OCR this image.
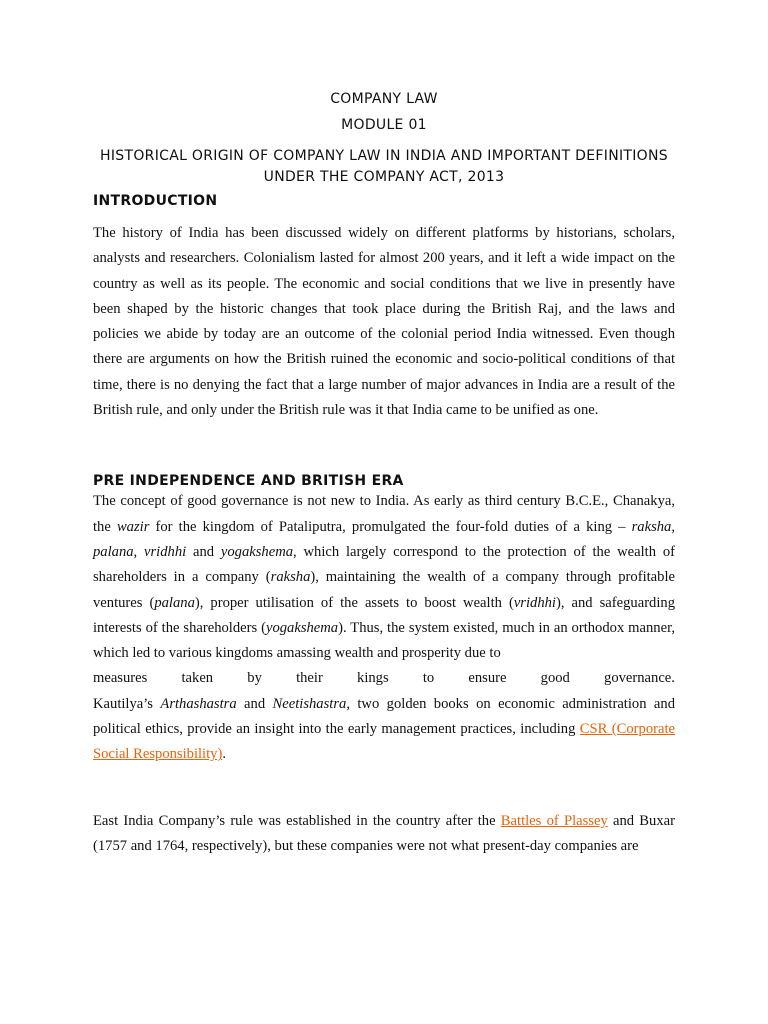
COMPANY LAW
MODULE 01
HISTORICAL ORIGIN OF COMPANY LAW IN INDIA AND IMPORTANT DEFINITIONS
UNDER THE COMPANY ACT, 2013
INTRODUCTION

The history of India has been discussed widely on different platforms by historians, scholars, analysts and researchers. Colonialism lasted for almost 200 years, and it left a wide impact on the country as well as its people. The economic and social conditions that we live in presently have been shaped by the historic changes that took place during the British Raj, and the laws and policies we abide by today are an outcome of the colonial period India witnessed. Even though there are arguments on how the British ruined the economic and socio-political conditions of that time, there is no denying the fact that a large number of major advances in India are a result of the British rule, and only under the British rule was it that India came to be unified as one.

PRE INDEPENDENCE AND BRITISH ERA

The concept of good governance is not new to India. As early as third century B.C.E., Chanakya, the wazir for the kingdom of Pataliputra, promulgated the four-fold duties of a king – raksha, palana, vridhhi and yogakshema, which largely correspond to the protection of the wealth of shareholders in a company (raksha), maintaining the wealth of a company through profitable ventures (palana), proper utilisation of the assets to boost wealth (vridhhi), and safeguarding interests of the shareholders (yogakshema). Thus, the system existed, much in an orthodox manner, which led to various kingdoms amassing wealth and prosperity due to

measures taken by their kings to ensure good governance.

Kautilya’s Arthashastra and Neetishastra, two golden books on economic administration and political ethics, provide an insight into the early management practices, including CSR (Corporate Social Responsibility).

East India Company’s rule was established in the country after the Battles of Plassey and Buxar (1757 and 1764, respectively), but these companies were not what present-day companies are
